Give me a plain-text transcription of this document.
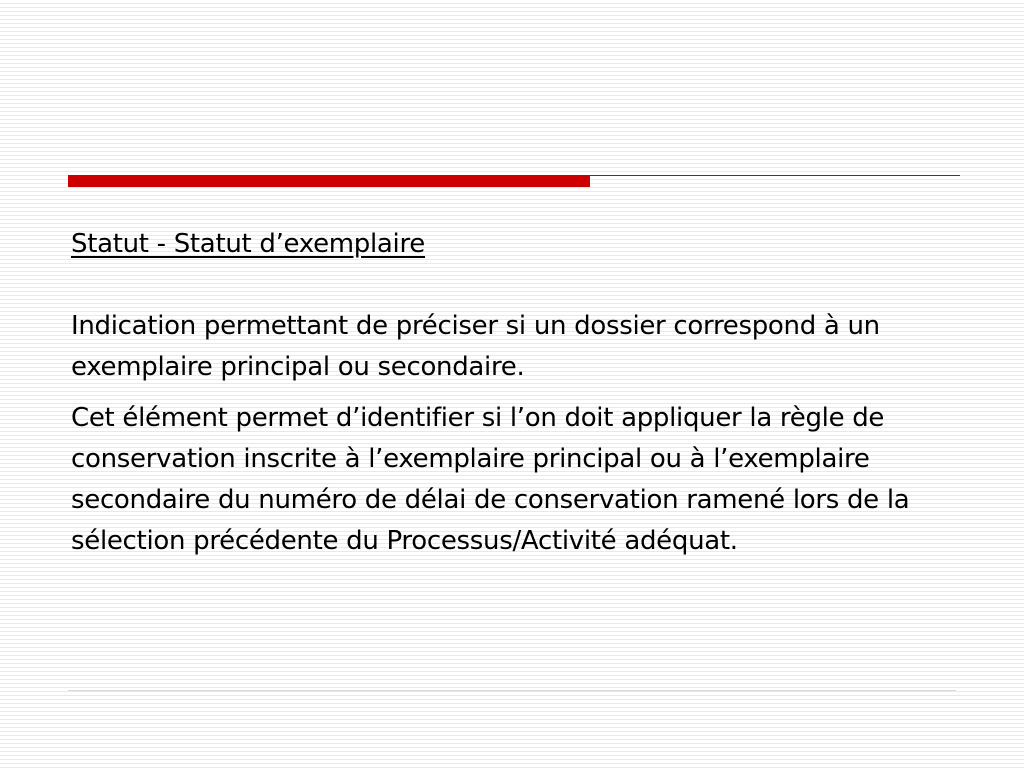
Statut - Statut d’exemplaire

Indication permettant de préciser si un dossier correspond à un exemplaire principal ou secondaire.

Cet élément permet d’identifier si l’on doit appliquer la règle de conservation inscrite à l’exemplaire principal ou à l’exemplaire secondaire du numéro de délai de conservation ramené lors de la sélection précédente du Processus/Activité adéquat.
